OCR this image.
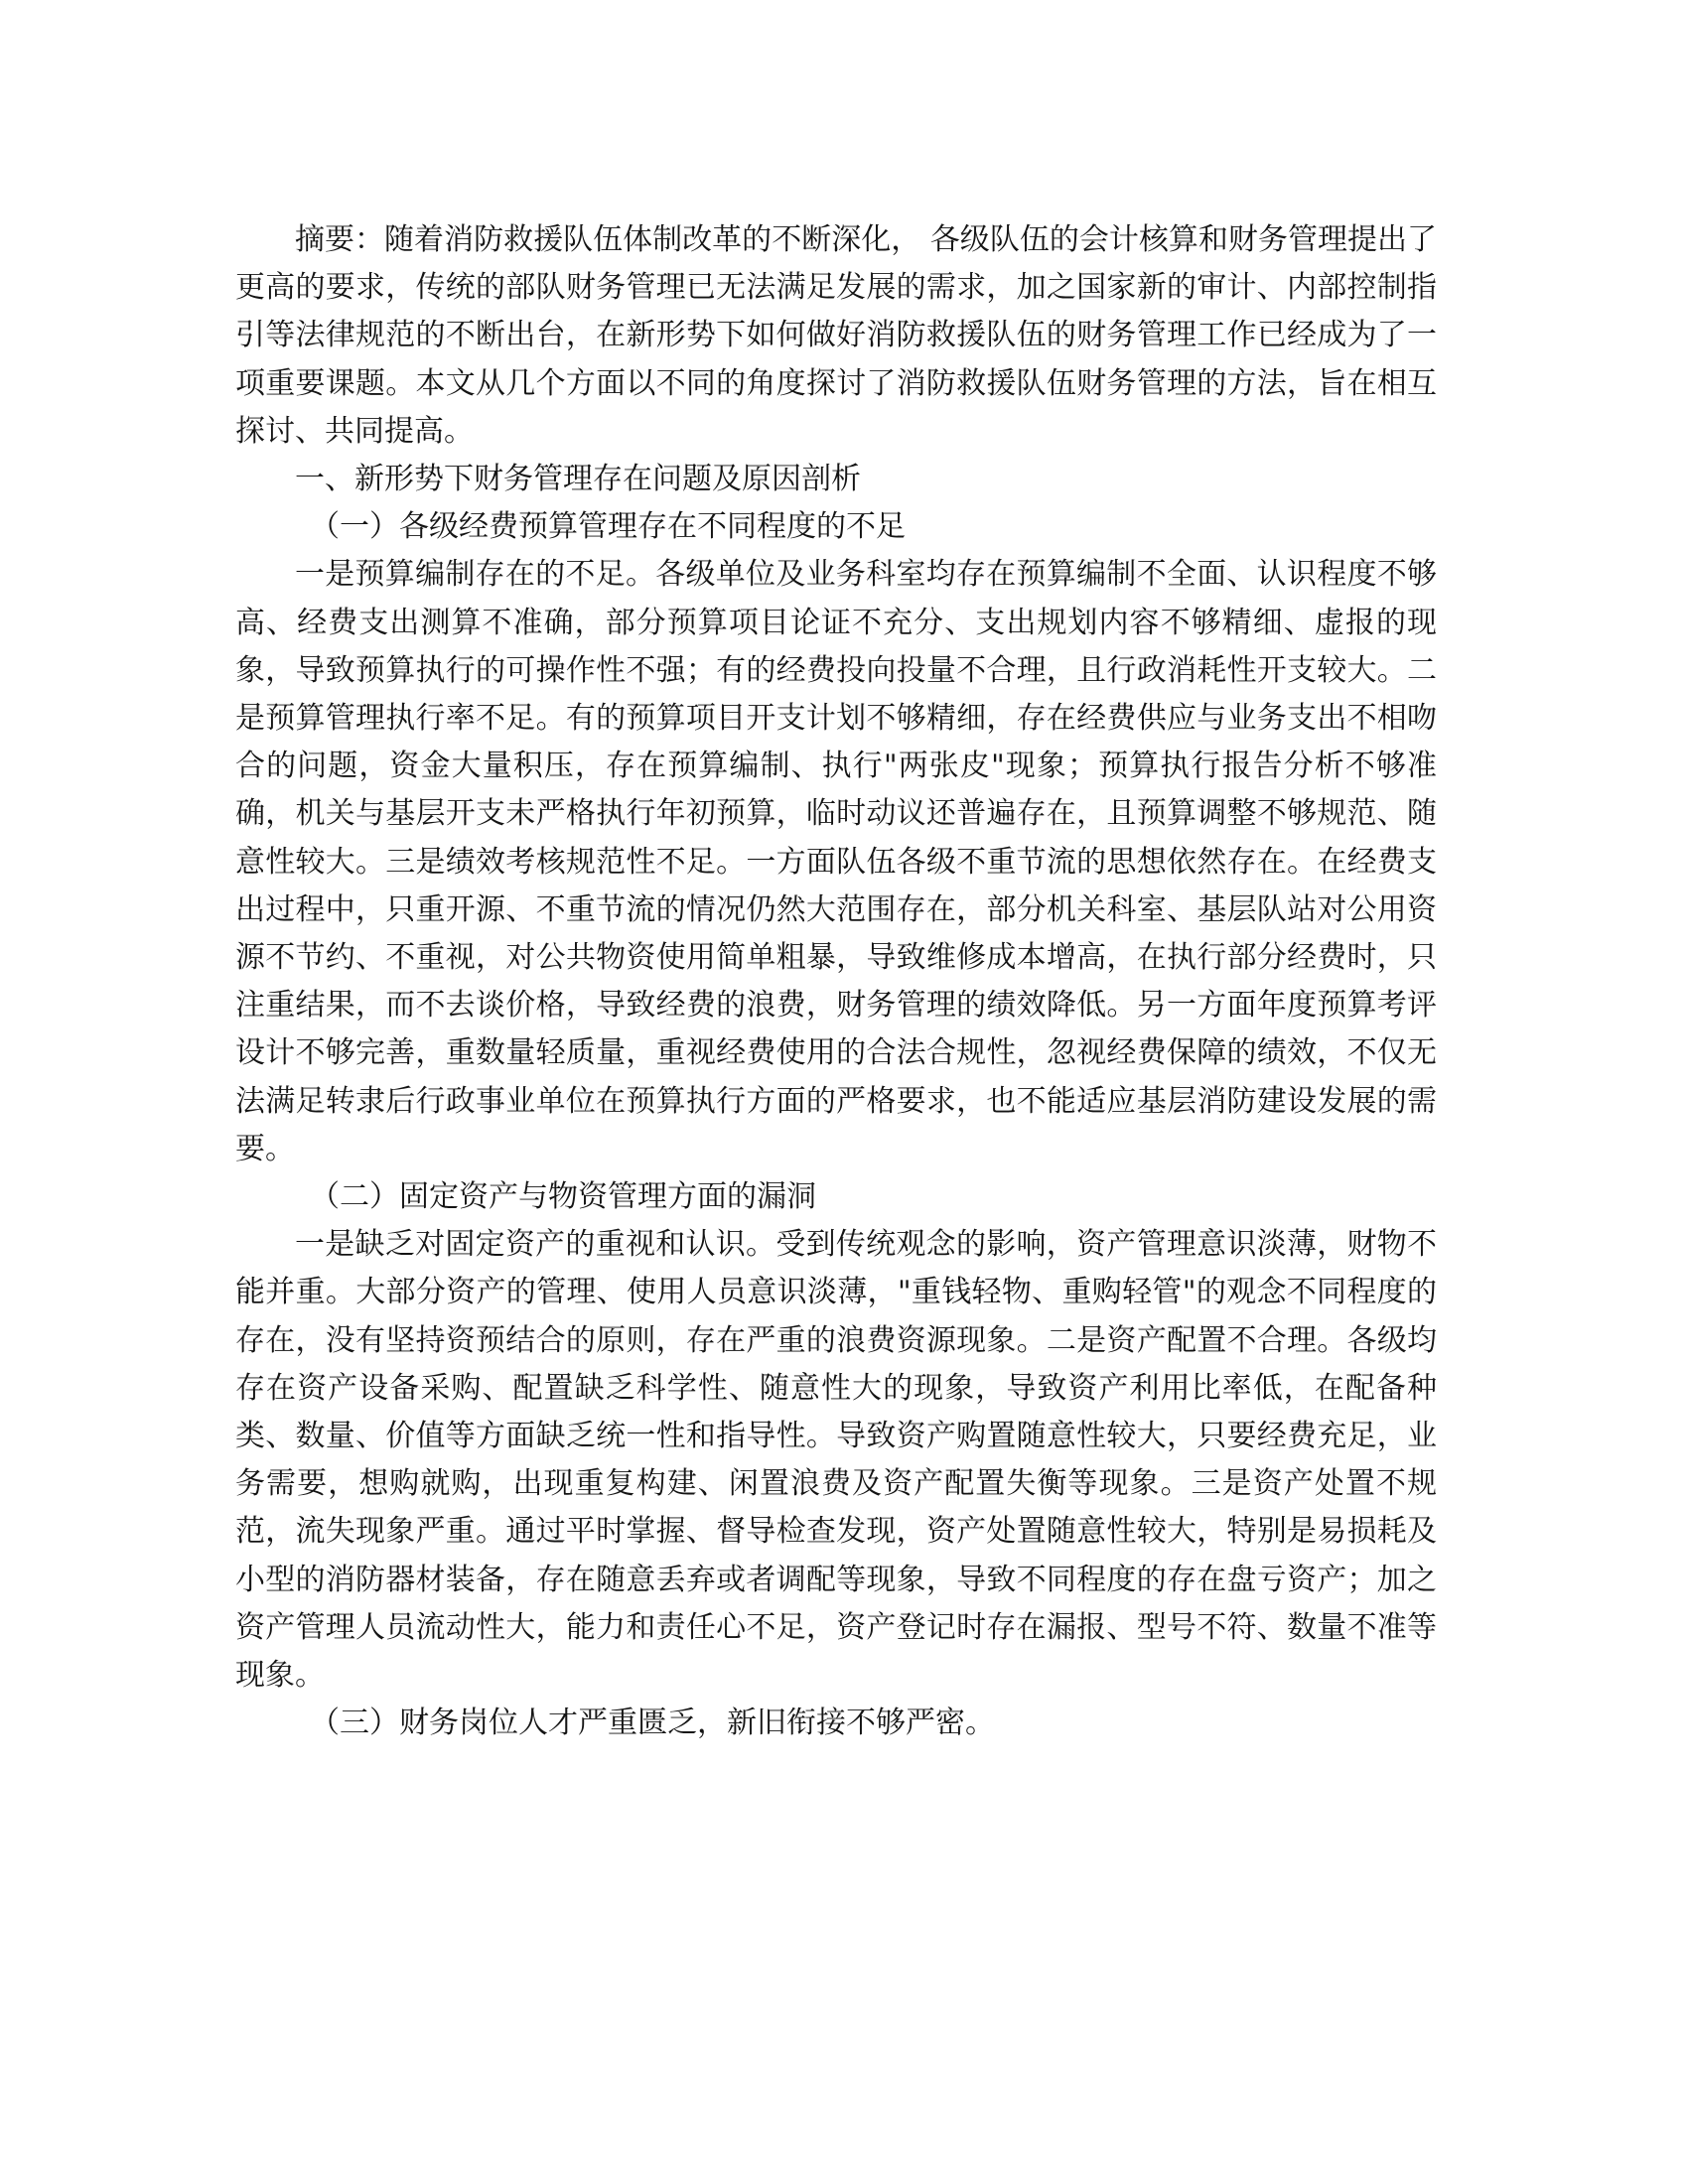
摘要：随着消防救援队伍体制改革的不断深化， 各级队伍的会计核算和财务管理提出了更高的要求，传统的部队财务管理已无法满足发展的需求，加之国家新的审计、内部控制指引等法律规范的不断出台，在新形势下如何做好消防救援队伍的财务管理工作已经成为了一项重要课题。本文从几个方面以不同的角度探讨了消防救援队伍财务管理的方法，旨在相互探讨、共同提高。

一、新形势下财务管理存在问题及原因剖析

（一）各级经费预算管理存在不同程度的不足

一是预算编制存在的不足。各级单位及业务科室均存在预算编制不全面、认识程度不够高、经费支出测算不准确，部分预算项目论证不充分、支出规划内容不够精细、虚报的现象，导致预算执行的可操作性不强；有的经费投向投量不合理，且行政消耗性开支较大。二是预算管理执行率不足。有的预算项目开支计划不够精细，存在经费供应与业务支出不相吻合的问题，资金大量积压，存在预算编制、执行"两张皮"现象；预算执行报告分析不够准确，机关与基层开支未严格执行年初预算，临时动议还普遍存在，且预算调整不够规范、随意性较大。三是绩效考核规范性不足。一方面队伍各级不重节流的思想依然存在。在经费支出过程中，只重开源、不重节流的情况仍然大范围存在，部分机关科室、基层队站对公用资源不节约、不重视，对公共物资使用简单粗暴，导致维修成本增高，在执行部分经费时，只注重结果，而不去谈价格，导致经费的浪费，财务管理的绩效降低。另一方面年度预算考评设计不够完善，重数量轻质量，重视经费使用的合法合规性，忽视经费保障的绩效，不仅无法满足转隶后行政事业单位在预算执行方面的严格要求，也不能适应基层消防建设发展的需要。

（二）固定资产与物资管理方面的漏洞

一是缺乏对固定资产的重视和认识。受到传统观念的影响，资产管理意识淡薄，财物不能并重。大部分资产的管理、使用人员意识淡薄，"重钱轻物、重购轻管"的观念不同程度的存在，没有坚持资预结合的原则，存在严重的浪费资源现象。二是资产配置不合理。各级均存在资产设备采购、配置缺乏科学性、随意性大的现象，导致资产利用比率低，在配备种类、数量、价值等方面缺乏统一性和指导性。导致资产购置随意性较大，只要经费充足，业务需要，想购就购，出现重复构建、闲置浪费及资产配置失衡等现象。三是资产处置不规范，流失现象严重。通过平时掌握、督导检查发现，资产处置随意性较大，特别是易损耗及小型的消防器材装备，存在随意丢弃或者调配等现象，导致不同程度的存在盘亏资产；加之资产管理人员流动性大，能力和责任心不足，资产登记时存在漏报、型号不符、数量不准等现象。

（三）财务岗位人才严重匮乏，新旧衔接不够严密。
